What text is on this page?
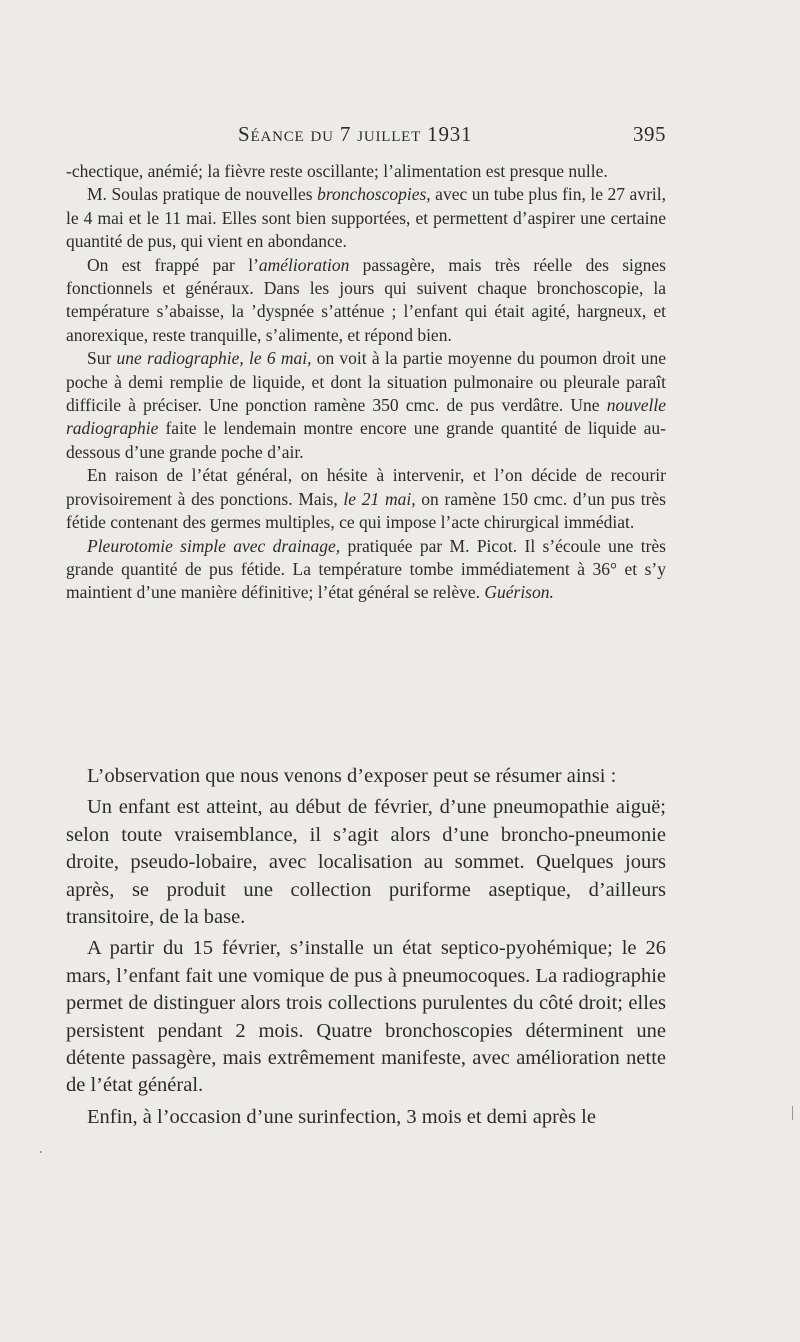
Séance du 7 juillet 1931	395

-chectique, anémié; la fièvre reste oscillante; l’alimentation est presque nulle.

M. Soulas pratique de nouvelles bronchoscopies, avec un tube plus fin, le 27 avril, le 4 mai et le 11 mai. Elles sont bien supportées, et permettent d’aspirer une certaine quantité de pus, qui vient en abondance.

On est frappé par l’amélioration passagère, mais très réelle des signes fonctionnels et généraux. Dans les jours qui suivent chaque bronchoscopie, la température s’abaisse, la ’dyspnée s’atténue ; l’enfant qui était agité, hargneux, et anorexique, reste tranquille, s’alimente, et répond bien.

Sur une radiographie, le 6 mai, on voit à la partie moyenne du poumon droit une poche à demi remplie de liquide, et dont la situation pulmonaire ou pleurale paraît difficile à préciser. Une ponction ramène 350 cmc. de pus verdâtre. Une nouvelle radiographie faite le lendemain montre encore une grande quantité de liquide au-dessous d’une grande poche d’air.

En raison de l’état général, on hésite à intervenir, et l’on décide de recourir provisoirement à des ponctions. Mais, le 21 mai, on ramène 150 cmc. d’un pus très fétide contenant des germes multiples, ce qui impose l’acte chirurgical immédiat.

Pleurotomie simple avec drainage, pratiquée par M. Picot. Il s’écoule une très grande quantité de pus fétide. La température tombe immédiatement à 36° et s’y maintient d’une manière définitive; l’état général se relève. Guérison.

L’observation que nous venons d’exposer peut se résumer ainsi :

Un enfant est atteint, au début de février, d’une pneumopathie aiguë; selon toute vraisemblance, il s’agit alors d’une broncho-pneumonie droite, pseudo-lobaire, avec localisation au sommet. Quelques jours après, se produit une collection puriforme aseptique, d’ailleurs transitoire, de la base.

A partir du 15 février, s’installe un état septico-pyohémique; le 26 mars, l’enfant fait une vomique de pus à pneumocoques. La radiographie permet de distinguer alors trois collections purulentes du côté droit; elles persistent pendant 2 mois. Quatre bronchoscopies déterminent une détente passagère, mais extrêmement manifeste, avec amélioration nette de l’état général.

Enfin, à l’occasion d’une surinfection, 3 mois et demi après le
